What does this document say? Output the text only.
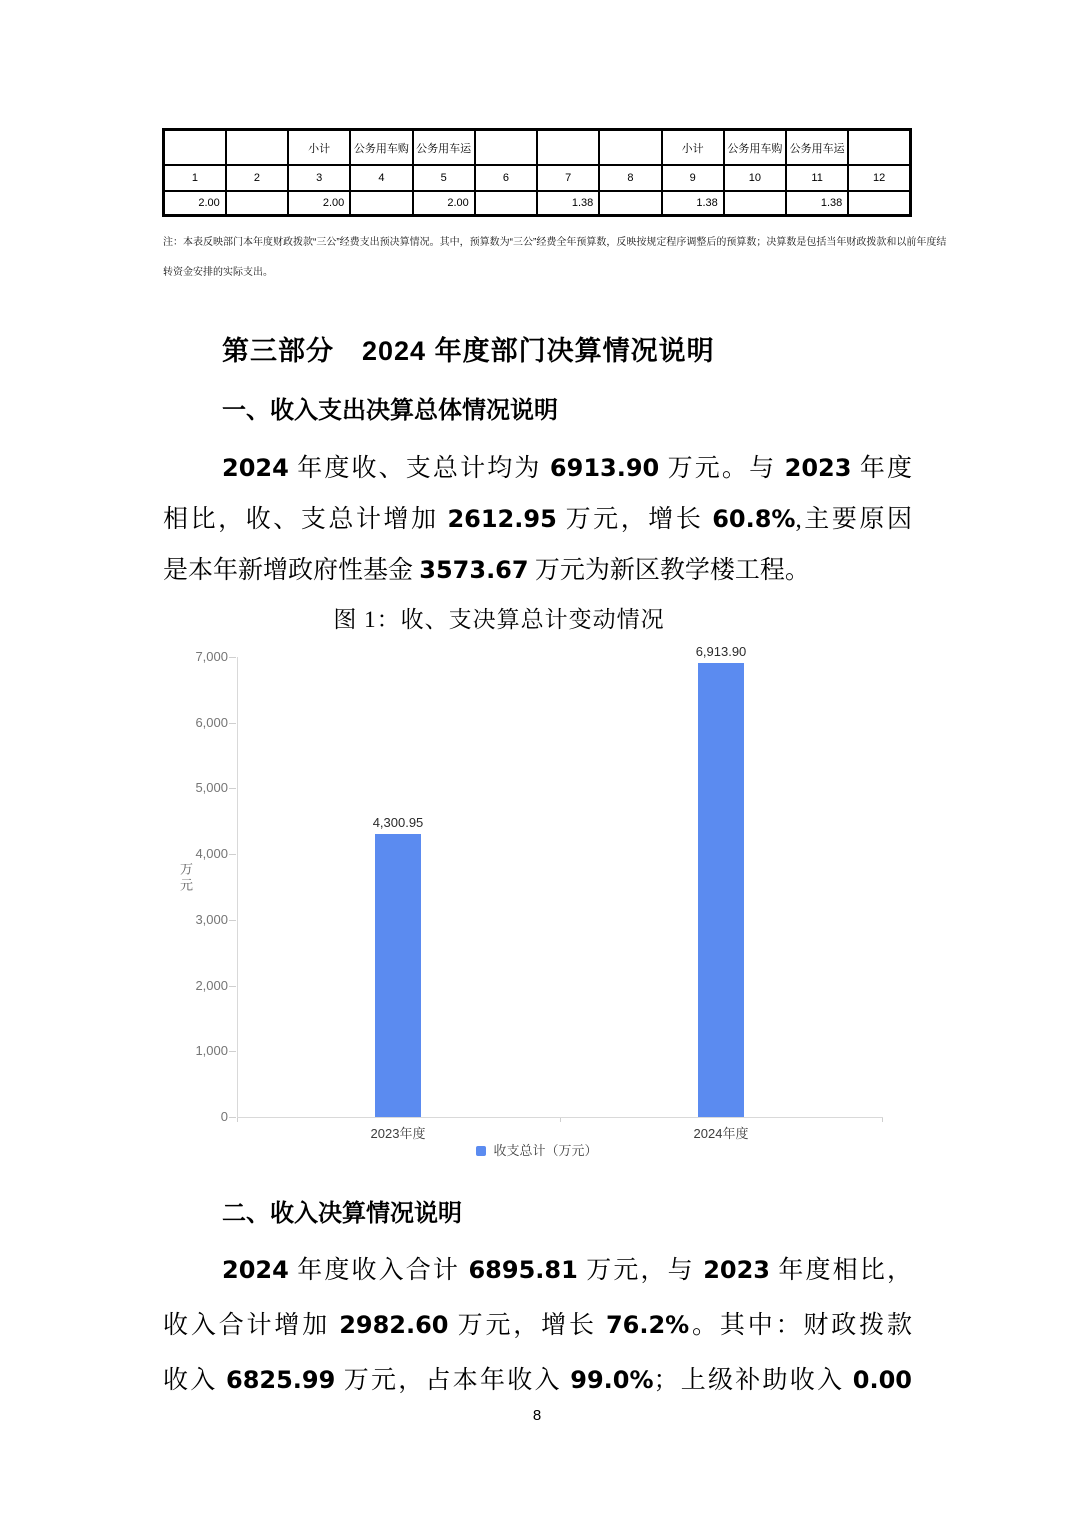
		小计	公务用车购	公务用车运				小计	公务用车购	公务用车运	
1	2	3	4	5	6	7	8	9	10	11	12
2.00		2.00		2.00		1.38		1.38		1.38	
注：本表反映部门本年度财政拨款“三公”经费支出预决算情况。其中，预算数为“三公”经费全年预算数，反映按规定程序调整后的预算数；决算数是包括当年财政拨款和以前年度结
转资金安排的实际支出。
第三部分　2024 年度部门决算情况说明
一、收入支出决算总体情况说明
2024 年度收、支总计均为 6913.90 万元。与 2023 年度
相比，收、支总计增加 2612.95 万元，增长 60.8%,主要原因
是本年新增政府性基金 3573.67 万元为新区教学楼工程。
图 1：收、支决算总计变动情况
万元
收支总计（万元）
0
1,000
2,000
3,000
4,000
5,000
6,000
7,000
4,300.95
2023年度
6,913.90
2024年度
二、收入决算情况说明
2024 年度收入合计 6895.81 万元，与 2023 年度相比，
收入合计增加 2982.60 万元，增长 76.2%。其中：财政拨款
收入 6825.99 万元，占本年收入 99.0%；上级补助收入 0.00
8
